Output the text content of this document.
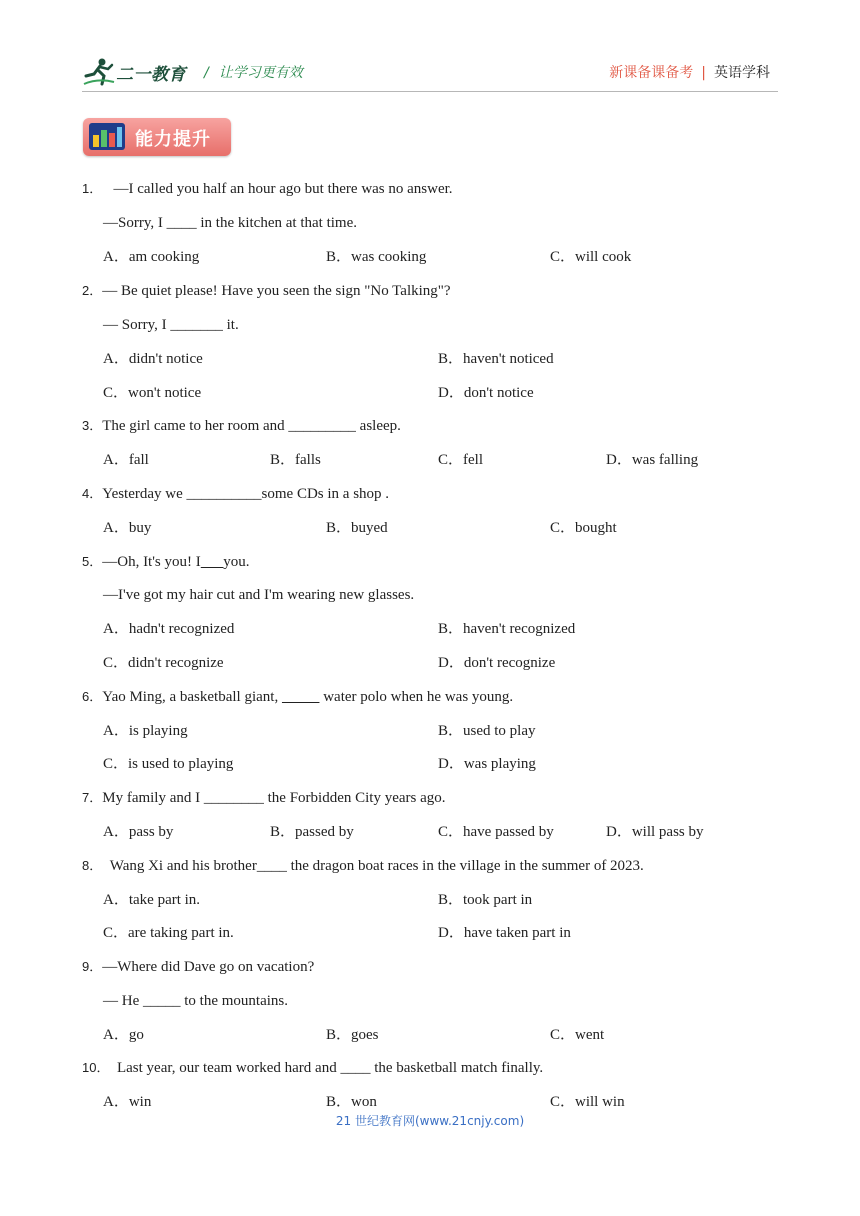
二一教育 / 让学习更有效	新课备课备考 | 英语学科
能力提升
1． —I called you half an hour ago but there was no answer.
—Sorry, I ____ in the kitchen at that time.
A．am cooking	B．was cooking	C．will cook
2．— Be quiet please! Have you seen the sign "No Talking"?
— Sorry, I _______ it.
A．didn't notice	B．haven't noticed
C．won't notice	D．don't notice
3．The girl came to her room and _________ asleep.
A．fall	B．falls	C．fell	D．was falling
4．Yesterday we __________some CDs in a shop .
A．buy	B．buyed	C．bought
5．—Oh, It's you! I you.
—I've got my hair cut and I'm wearing new glasses.
A．hadn't recognized	B．haven't recognized
C．didn't recognize	D．don't recognize
6．Yao Ming, a basketball giant,	water polo when he was young.
A．is playing	B．used to play
C．is used to playing	D．was playing
7．My family and I ________ the Forbidden City years ago.
A．pass by	B．passed by	C．have passed by	D．will pass by
8． Wang Xi and his brother____ the dragon boat races in the village in the summer of 2023.
A．take part in.	B．took part in
C．are taking part in.	D．have taken part in
9．—Where did Dave go on vacation?
— He _____ to the mountains.
A．go	B．goes	C．went
10． Last year, our team worked hard and ____ the basketball match finally.
A．win	B．won	C．will win
21 世纪教育网(www.21cnjy.com)
